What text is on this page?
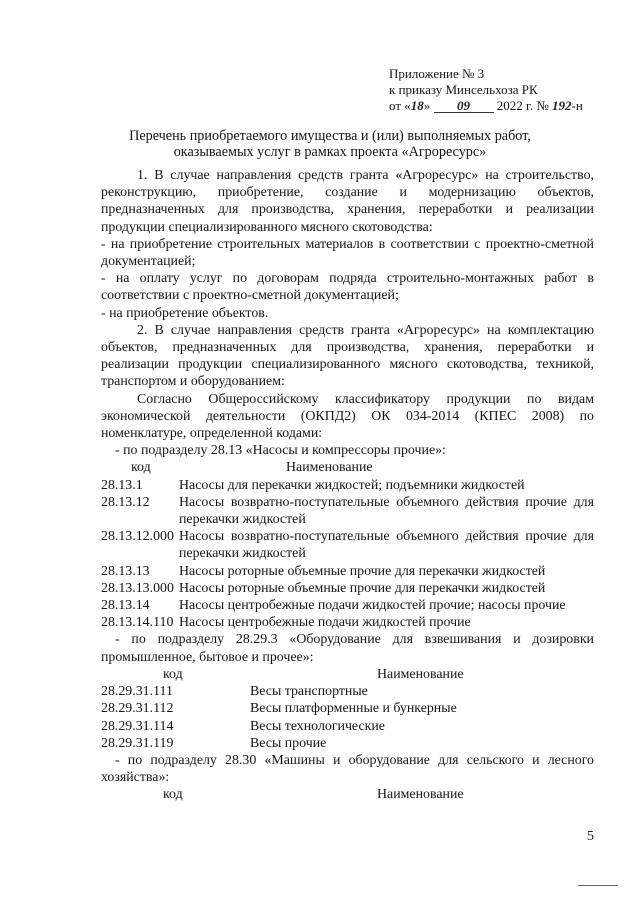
Приложение № 3
к приказу Минсельхоза РК
от «18» 09 2022 г. № 192-н
Перечень приобретаемого имущества и (или) выполняемых работ,
оказываемых услуг в рамках проекта «Агроресурс»

1. В случае направления средств гранта «Агроресурс» на строительство, реконструкцию, приобретение, создание и модернизацию объектов, предназначенных для производства, хранения, переработки и реализации продукции специализированного мясного скотоводства:

- на приобретение строительных материалов в соответствии с проектно-сметной документацией;

- на оплату услуг по договорам подряда строительно-монтажных работ в соответствии с проектно-сметной документацией;

- на приобретение объектов.

2. В случае направления средств гранта «Агроресурс» на комплектацию объектов, предназначенных для производства, хранения, переработки и реализации продукции специализированного мясного скотоводства, техникой, транспортом и оборудованием:

Согласно Общероссийскому классификатору продукции по видам экономической деятельности (ОКПД2) ОК 034-2014 (КПЕС 2008) по номенклатуре, определенной кодами:

- по подразделу 28.13 «Насосы и компрессоры прочие»:

код	Наименование
28.13.1	Насосы для перекачки жидкостей; подъемники жидкостей
28.13.12	Насосы возвратно-поступательные объемного действия прочие для перекачки жидкостей
28.13.12.000 Насосы возвратно-поступательные объемного действия прочие для перекачки жидкостей
28.13.13	Насосы роторные объемные прочие для перекачки жидкостей
28.13.13.000 Насосы роторные объемные прочие для перекачки жидкостей
28.13.14	Насосы центробежные подачи жидкостей прочие; насосы прочие
28.13.14.110 Насосы центробежные подачи жидкостей прочие

- по подразделу 28.29.3 «Оборудование для взвешивания и дозировки промышленное, бытовое и прочее»:

код	Наименование
28.29.31.111	Весы транспортные
28.29.31.112	Весы платформенные и бункерные
28.29.31.114	Весы технологические
28.29.31.119	Весы прочие

- по подразделу 28.30 «Машины и оборудование для сельского и лесного хозяйства»:

код	Наименование
5
